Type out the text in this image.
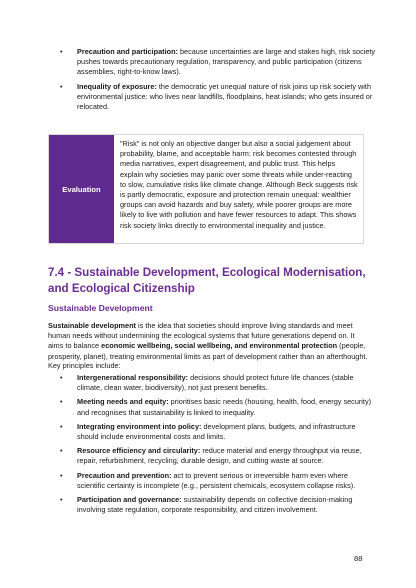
• Precaution and participation: because uncertainties are large and stakes high, risk society pushes towards precautionary regulation, transparency, and public participation (citizens assemblies, right-to-know laws).
• Inequality of exposure: the democratic yet unequal nature of risk joins up risk society with environmental justice: who lives near landfills, floodplains, heat islands; who gets insured or relocated.
Evaluation
"Risk" is not only an objective danger but also a social judgement about probability, blame, and acceptable harm: risk becomes contested through media narratives, expert disagreement, and public trust. This helps explain why societies may panic over some threats while under-reacting to slow, cumulative risks like climate change. Although Beck suggests risk is partly democratic, exposure and protection remain unequal: wealthier groups can avoid hazards and buy safety, while poorer groups are more likely to live with pollution and have fewer resources to adapt. This shows risk society links directly to environmental inequality and justice.
7.4 - Sustainable Development, Ecological Modernisation, and Ecological Citizenship
Sustainable Development

Sustainable development is the idea that societies should improve living standards and meet human needs without undermining the ecological systems that future generations depend on. It aims to balance economic wellbeing, social wellbeing, and environmental protection (people, prosperity, planet), treating environmental limits as part of development rather than an afterthought.

Key principles include:

• Intergenerational responsibility: decisions should protect future life chances (stable climate, clean water, biodiversity), not just present benefits.
• Meeting needs and equity: prioritises basic needs (housing, health, food, energy security) and recognises that sustainability is linked to inequality.
• Integrating environment into policy: development plans, budgets, and infrastructure should include environmental costs and limits.
• Resource efficiency and circularity: reduce material and energy throughput via reuse, repair, refurbishment, recycling, durable design, and cutting waste at source.
• Precaution and prevention: act to prevent serious or irreversible harm even where scientific certainty is incomplete (e.g., persistent chemicals, ecosystem collapse risks).
• Participation and governance: sustainability depends on collective decision-making involving state regulation, corporate responsibility, and citizen involvement.
88
